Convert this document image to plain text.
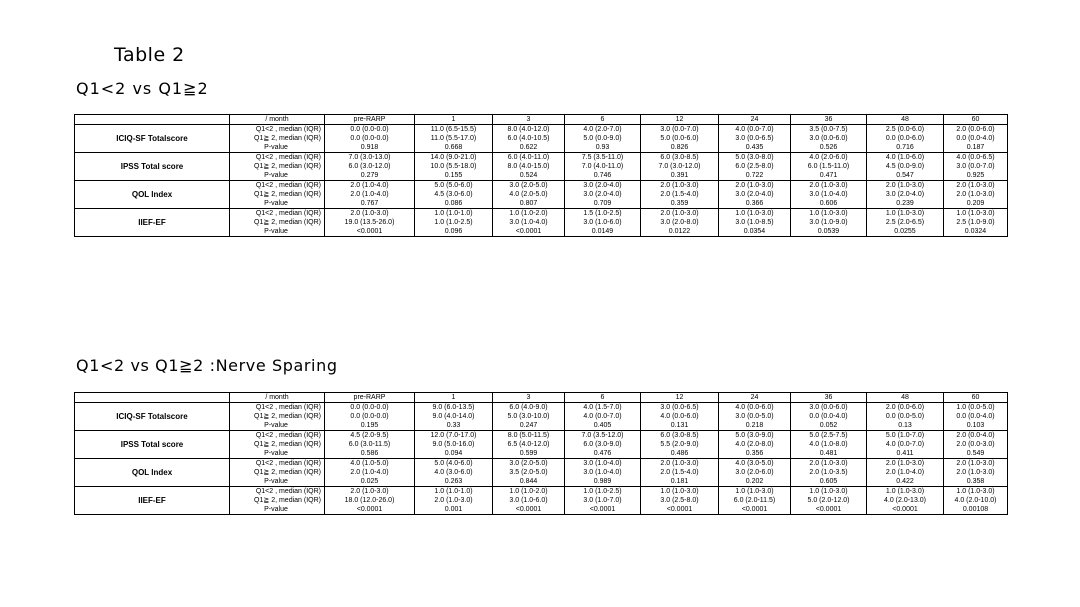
Table 2
Q1<2 vs Q1≧2
	/ month	pre-RARP	1	3	6	12	24	36	48	60
ICIQ-SF Totalscore	Q1<2 , median (IQR)	0.0 (0.0-0.0)	11.0 (6.5-15.5)	8.0 (4.0-12.0)	4.0 (2.0-7.0)	3.0 (0.0-7.0)	4.0 (0.0-7.0)	3.5 (0.0-7.5)	2.5 (0.0-6.0)	2.0 (0.0-6.0)
	Q1≧ 2, median (IQR)	0.0 (0.0-0.0)	11.0 (5.5-17.0)	6.0 (4.0-10.5)	5.0 (0.0-9.0)	5.0 (0.0-6.0)	3.0 (0.0-6.5)	3.0 (0.0-6.0)	0.0 (0.0-6.0)	0.0 (0.0-4.0)
	P-value	0.918	0.668	0.622	0.93	0.826	0.435	0.526	0.716	0.187
IPSS Total score	Q1<2 , median (IQR)	7.0 (3.0-13.0)	14.0 (9.0-21.0)	6.0 (4.0-11.0)	7.5 (3.5-11.0)	6.0 (3.0-8.5)	5.0 (3.0-8.0)	4.0 (2.0-6.0)	4.0 (1.0-6.0)	4.0 (0.0-6.5)
	Q1≧ 2, median (IQR)	6.0 (3.0-12.0)	10.0 (5.5-18.0)	8.0 (4.0-15.0)	7.0 (4.0-11.0)	7.0 (3.0-12.0)	6.0 (2.5-8.0)	6.0 (1.5-11.0)	4.5 (0.0-9.0)	3.0 (0.0-7.0)
	P-value	0.279	0.155	0.524	0.746	0.391	0.722	0.471	0.547	0.925
QOL Index	Q1<2 , median (IQR)	2.0 (1.0-4.0)	5.0 (5.0-6.0)	3.0 (2.0-5.0)	3.0 (2.0-4.0)	2.0 (1.0-3.0)	2.0 (1.0-3.0)	2.0 (1.0-3.0)	2.0 (1.0-3.0)	2.0 (1.0-3.0)
	Q1≧ 2, median (IQR)	2.0 (1.0-4.0)	4.5 (3.0-6.0)	4.0 (2.0-5.0)	3.0 (2.0-4.0)	2.0 (1.5-4.0)	3.0 (2.0-4.0)	3.0 (1.0-4.0)	3.0 (2.0-4.0)	2.0 (1.0-3.0)
	P-value	0.767	0.086	0.807	0.709	0.359	0.366	0.606	0.239	0.209
IIEF-EF	Q1<2 , median (IQR)	2.0 (1.0-3.0)	1.0 (1.0-1.0)	1.0 (1.0-2.0)	1.5 (1.0-2.5)	2.0 (1.0-3.0)	1.0 (1.0-3.0)	1.0 (1.0-3.0)	1.0 (1.0-3.0)	1.0 (1.0-3.0)
	Q1≧ 2, median (IQR)	19.0 (13.5-26.0)	1.0 (1.0-2.5)	3.0 (1.0-4.0)	3.0 (1.0-6.0)	3.0 (2.0-8.0)	3.0 (1.0-8.5)	3.0 (1.0-9.0)	2.5 (2.0-6.5)	2.5 (1.0-9.0)
	P-value	<0.0001	0.096	<0.0001	0.0149	0.0122	0.0354	0.0539	0.0255	0.0324
Q1<2 vs Q1≧2 :Nerve Sparing
	/ month	pre-RARP	1	3	6	12	24	36	48	60
ICIQ-SF Totalscore	Q1<2 , median (IQR)	0.0 (0.0-0.0)	9.0 (6.0-13.5)	6.0 (4.0-9.0)	4.0 (1.5-7.0)	3.0 (0.0-6.5)	4.0 (0.0-6.0)	3.0 (0.0-6.0)	2.0 (0.0-6.0)	1.0 (0.0-5.0)
	Q1≧ 2, median (IQR)	0.0 (0.0-0.0)	9.0 (4.0-14.0)	5.0 (3.0-10.0)	4.0 (0.0-7.0)	4.0 (0.0-6.0)	3.0 (0.0-5.0)	0.0 (0.0-4.0)	0.0 (0.0-5.0)	0.0 (0.0-4.0)
	P-value	0.195	0.33	0.247	0.405	0.131	0.218	0.052	0.13	0.103
IPSS Total score	Q1<2 , median (IQR)	4.5 (2.0-9.5)	12.0 (7.0-17.0)	8.0 (5.0-11.5)	7.0 (3.5-12.0)	6.0 (3.0-8.5)	5.0 (3.0-9.0)	5.0 (2.5-7.5)	5.0 (1.0-7.0)	2.0 (0.0-4.0)
	Q1≧ 2, median (IQR)	6.0 (3.0-11.5)	9.0 (5.0-16.0)	6.5 (4.0-12.0)	6.0 (3.0-9.0)	5.5 (2.0-9.0)	4.0 (2.0-8.0)	4.0 (1.0-8.0)	4.0 (0.0-7.0)	2.0 (0.0-3.0)
	P-value	0.586	0.094	0.599	0.476	0.486	0.356	0.481	0.411	0.549
QOL Index	Q1<2 , median (IQR)	4.0 (1.0-5.0)	5.0 (4.0-6.0)	3.0 (2.0-5.0)	3.0 (1.0-4.0)	2.0 (1.0-3.0)	4.0 (3.0-5.0)	2.0 (1.0-3.0)	2.0 (1.0-3.0)	2.0 (1.0-3.0)
	Q1≧ 2, median (IQR)	2.0 (1.0-4.0)	4.0 (3.0-6.0)	3.5 (2.0-5.0)	3.0 (1.0-4.0)	2.0 (1.5-4.0)	3.0 (2.0-6.0)	2.0 (1.0-3.5)	2.0 (1.0-4.0)	2.0 (1.0-3.0)
	P-value	0.025	0.263	0.844	0.989	0.181	0.202	0.605	0.422	0.358
IIEF-EF	Q1<2 , median (IQR)	2.0 (1.0-3.0)	1.0 (1.0-1.0)	1.0 (1.0-2.0)	1.0 (1.0-2.5)	1.0 (1.0-3.0)	1.0 (1.0-3.0)	1.0 (1.0-3.0)	1.0 (1.0-3.0)	1.0 (1.0-3.0)
	Q1≧ 2, median (IQR)	18.0 (12.0-26.0)	2.0 (1.0-3.0)	3.0 (1.0-6.0)	3.0 (1.0-7.0)	3.0 (2.5-8.0)	6.0 (2.0-11.5)	5.0 (2.0-12.0)	4.0 (2.0-13.0)	4.0 (2.0-10.0)
	P-value	<0.0001	0.001	<0.0001	<0.0001	<0.0001	<0.0001	<0.0001	<0.0001	0.00108
